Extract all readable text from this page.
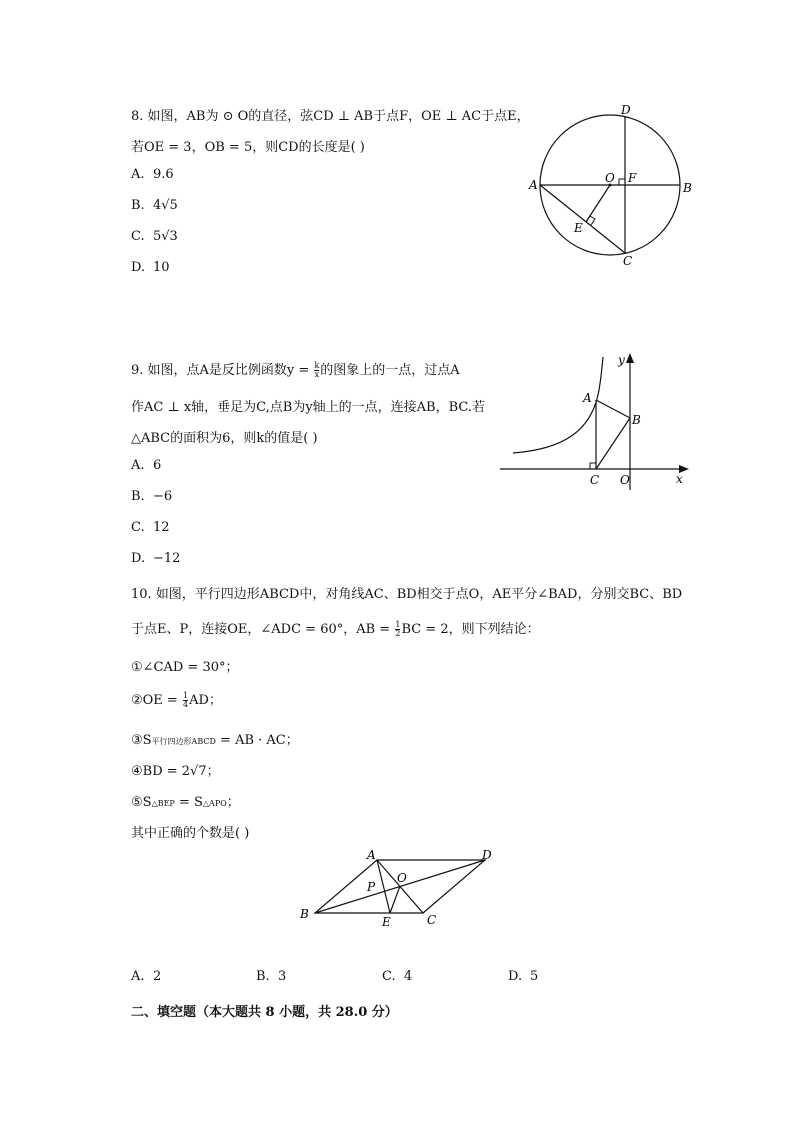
8. 如图，AB为 ⊙ O的直径，弦CD ⊥ AB于点F，OE ⊥ AC于点E，
若OE = 3，OB = 5，则CD的长度是( )
A. 9.6
B. 4√5
C. 5√3
D. 10
D
A	B
O F
E
C
9. 如图，点A是反比例函数$y = \frac{k}{x}$ 的图象上的一点，过点A
作AC ⊥ x轴，垂足为C,点B为y轴上的一点，连接AB，BC.若
△ABC的面积为6，则k的值是( )
A. 6
B. −6
C. 12
D. −12
A
B
C O	x
y
10. 如图，平行四边形ABCD中，对角线AC、BD相交于点O，AE平分∠BAD，分别交BC、BD
于点E、P，连接OE，∠ADC = 60°，AB = $\frac{1}{2}$ BC = 2，则下列结论：
①∠CAD = 30°；
②OE = $\frac{1}{4}$ AD；
③S平行四边形ABCD = AB · AC；
④BD = 2√7；
⑤S△BEP = S△APO；
其中正确的个数是( )
A	D
B
E	C
O
P
A. 2	B. 3	C. 4	D. 5
二、填空题（本大题共 8 小题，共 28.0 分）
